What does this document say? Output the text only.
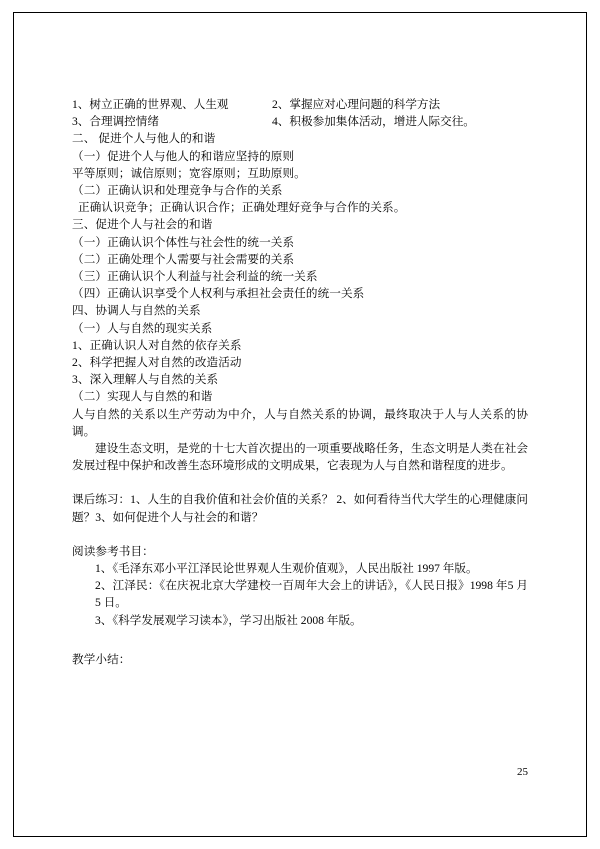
1、树立正确的世界观、人生观	2、掌握应对心理问题的科学方法
3、合理调控情绪	4、积极参加集体活动，增进人际交往。
二、 促进个人与他人的和谐
（一）促进个人与他人的和谐应坚持的原则
平等原则；诚信原则；宽容原则；互助原则。
（二）正确认识和处理竞争与合作的关系
正确认识竞争；正确认识合作；正确处理好竞争与合作的关系。
三、促进个人与社会的和谐
（一）正确认识个体性与社会性的统一关系
（二）正确处理个人需要与社会需要的关系
（三）正确认识个人利益与社会利益的统一关系
（四）正确认识享受个人权利与承担社会责任的统一关系
四、协调人与自然的关系
（一）人与自然的现实关系
1、正确认识人对自然的依存关系
2、科学把握人对自然的改造活动
3、深入理解人与自然的关系
（二）实现人与自然的和谐
人与自然的关系以生产劳动为中介，人与自然关系的协调，最终取决于人与人关系的协调。
建设生态文明，是党的十七大首次提出的一项重要战略任务，生态文明是人类在社会发展过程中保护和改善生态环境形成的文明成果，它表现为人与自然和谐程度的进步。
课后练习：1、人生的自我价值和社会价值的关系？ 2、如何看待当代大学生的心理健康问题？3、如何促进个人与社会的和谐？
阅读参考书目：
1、《毛泽东邓小平江泽民论世界观人生观价值观》，人民出版社 1997 年版。
2、江泽民：《在庆祝北京大学建校一百周年大会上的讲话》，《人民日报》1998 年5 月 5 日。
3、《科学发展观学习读本》，学习出版社 2008 年版。
教学小结：
25
